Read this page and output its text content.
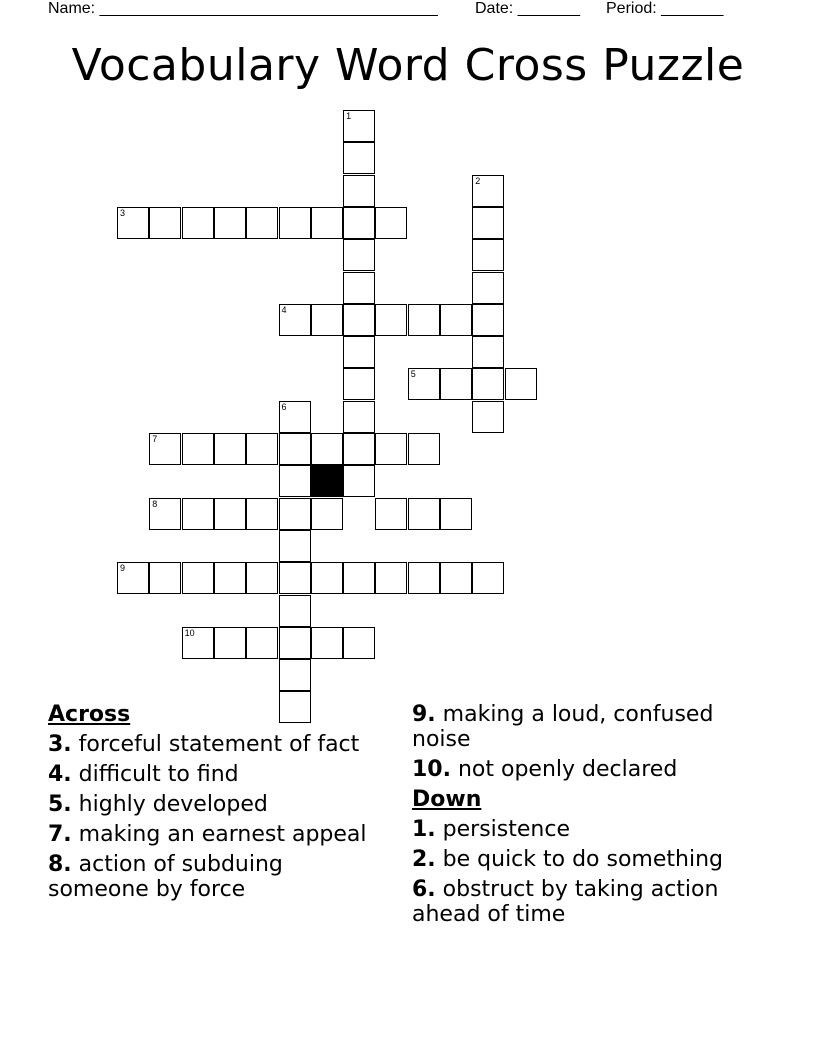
Name: ______________________________________ Date: _______ Period: _______
Vocabulary Word Cross Puzzle
1
2
3
4
5
6
7
8
9
10
Across
3. forceful statement of fact
4. difficult to find
5. highly developed
7. making an earnest appeal
8. action of subduing someone by force
9. making a loud, confused noise
10. not openly declared
Down
1. persistence
2. be quick to do something
6. obstruct by taking action ahead of time
